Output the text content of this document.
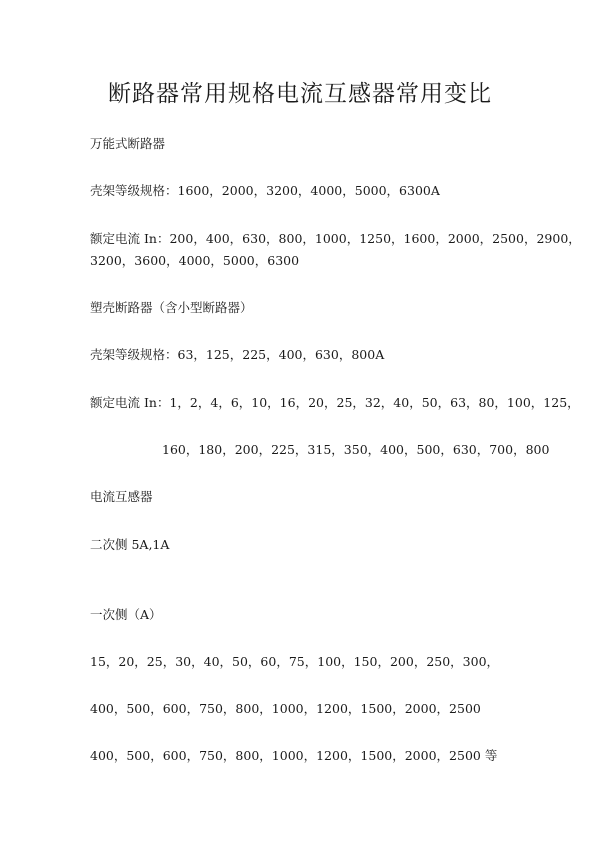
断路器常用规格电流互感器常用变比
万能式断路器
壳架等级规格：1600，2000，3200，4000，5000，6300A
额定电流 In：200，400，630，800，1000，1250，1600，2000，2500，2900，
3200，3600，4000，5000，6300
塑壳断路器（含小型断路器）
壳架等级规格：63，125，225，400，630，800A
额定电流 In：1，2，4，6，10，16，20，25，32，40，50，63，80，100，125，
160，180，200，225，315，350，400，500，630，700，800
电流互感器
二次侧 5A,1A
一次侧（A）
15，20，25，30，40，50，60，75，100，150，200，250，300，
400，500，600，750，800，1000，1200，1500，2000，2500
400，500，600，750，800，1000，1200，1500，2000，2500 等
